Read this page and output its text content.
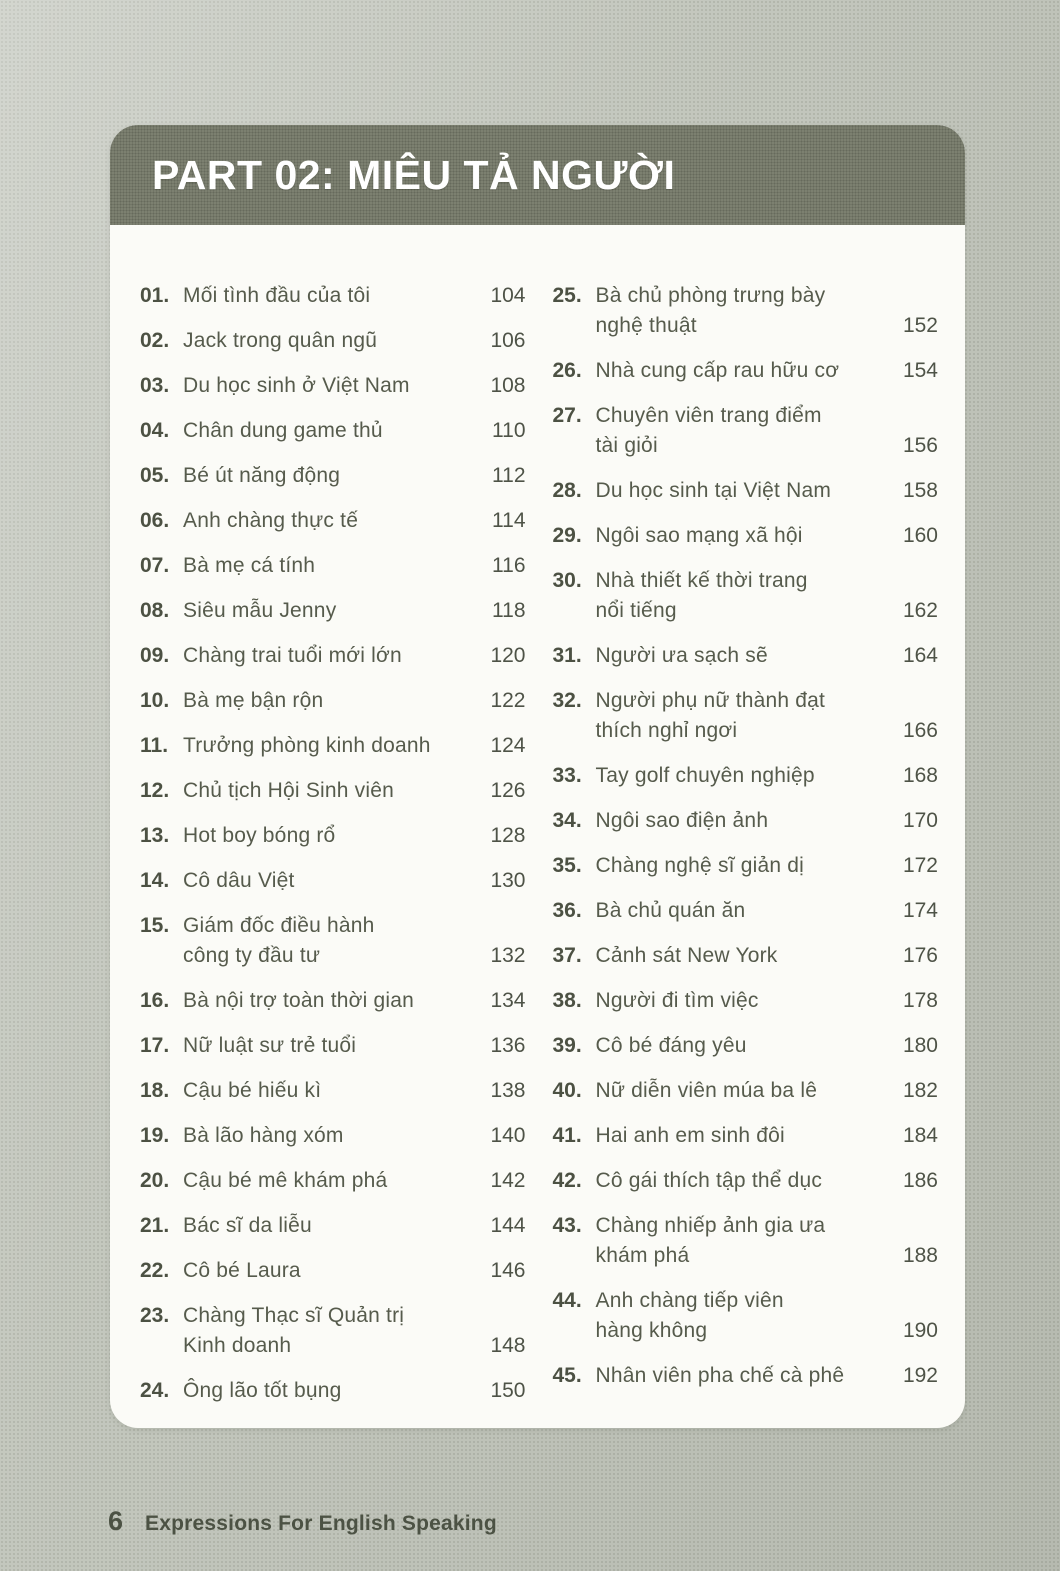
PART 02: MIÊU TẢ NGƯỜI
01. Mối tình đầu của tôi	104
02. Jack trong quân ngũ	106
03. Du học sinh ở Việt Nam	108
04. Chân dung game thủ	110
05. Bé út năng động	112
06. Anh chàng thực tế	114
07. Bà mẹ cá tính	116
08. Siêu mẫu Jenny	118
09. Chàng trai tuổi mới lớn	120
10. Bà mẹ bận rộn	122
11. Trưởng phòng kinh doanh	124
12. Chủ tịch Hội Sinh viên	126
13. Hot boy bóng rổ	128
14. Cô dâu Việt	130
15. Giám đốc điều hành
công ty đầu tư	132
16. Bà nội trợ toàn thời gian	134
17. Nữ luật sư trẻ tuổi	136
18. Cậu bé hiếu kì	138
19. Bà lão hàng xóm	140
20. Cậu bé mê khám phá	142
21. Bác sĩ da liễu	144
22. Cô bé Laura	146
23. Chàng Thạc sĩ Quản trị
Kinh doanh	148
24. Ông lão tốt bụng	150
25. Bà chủ phòng trưng bày
nghệ thuật	152
26. Nhà cung cấp rau hữu cơ	154
27. Chuyên viên trang điểm
tài giỏi	156
28. Du học sinh tại Việt Nam	158
29. Ngôi sao mạng xã hội	160
30. Nhà thiết kế thời trang
nổi tiếng	162
31. Người ưa sạch sẽ	164
32. Người phụ nữ thành đạt
thích nghỉ ngơi	166
33. Tay golf chuyên nghiệp	168
34. Ngôi sao điện ảnh	170
35. Chàng nghệ sĩ giản dị	172
36. Bà chủ quán ăn	174
37. Cảnh sát New York	176
38. Người đi tìm việc	178
39. Cô bé đáng yêu	180
40. Nữ diễn viên múa ba lê	182
41. Hai anh em sinh đôi	184
42. Cô gái thích tập thể dục	186
43. Chàng nhiếp ảnh gia ưa
khám phá	188
44. Anh chàng tiếp viên
hàng không	190
45. Nhân viên pha chế cà phê	192
6 Expressions For English Speaking
